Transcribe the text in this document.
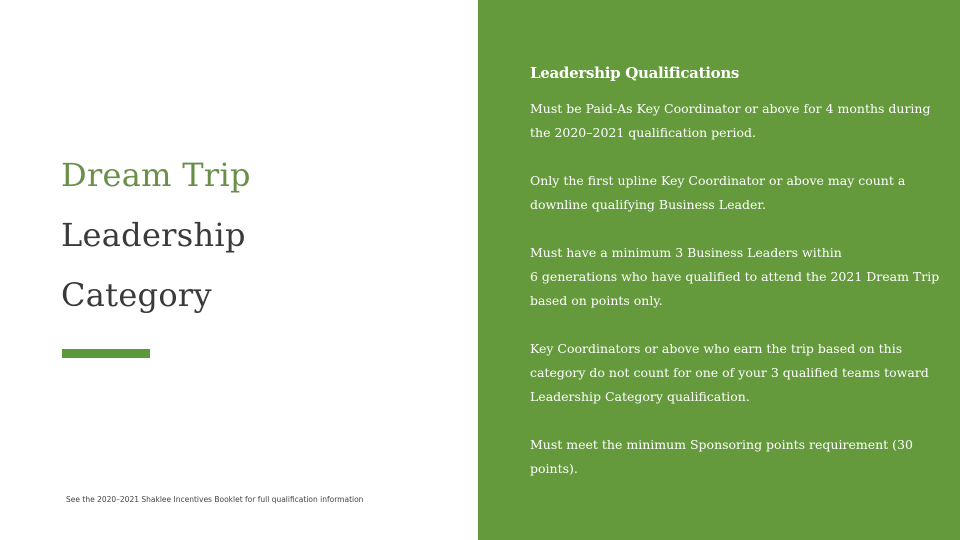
Dream Trip
Leadership
Category
See the 2020–2021 Shaklee Incentives Booklet for full qualification information
Leadership Qualifications

Must be Paid-As Key Coordinator or above for 4 months during
the 2020–2021 qualification period.

Only the first upline Key Coordinator or above may count a
downline qualifying Business Leader.

Must have a minimum 3 Business Leaders within
6 generations who have qualified to attend the 2021 Dream Trip
based on points only.

Key Coordinators or above who earn the trip based on this
category do not count for one of your 3 qualified teams toward
Leadership Category qualification.

Must meet the minimum Sponsoring points requirement (30
points).
